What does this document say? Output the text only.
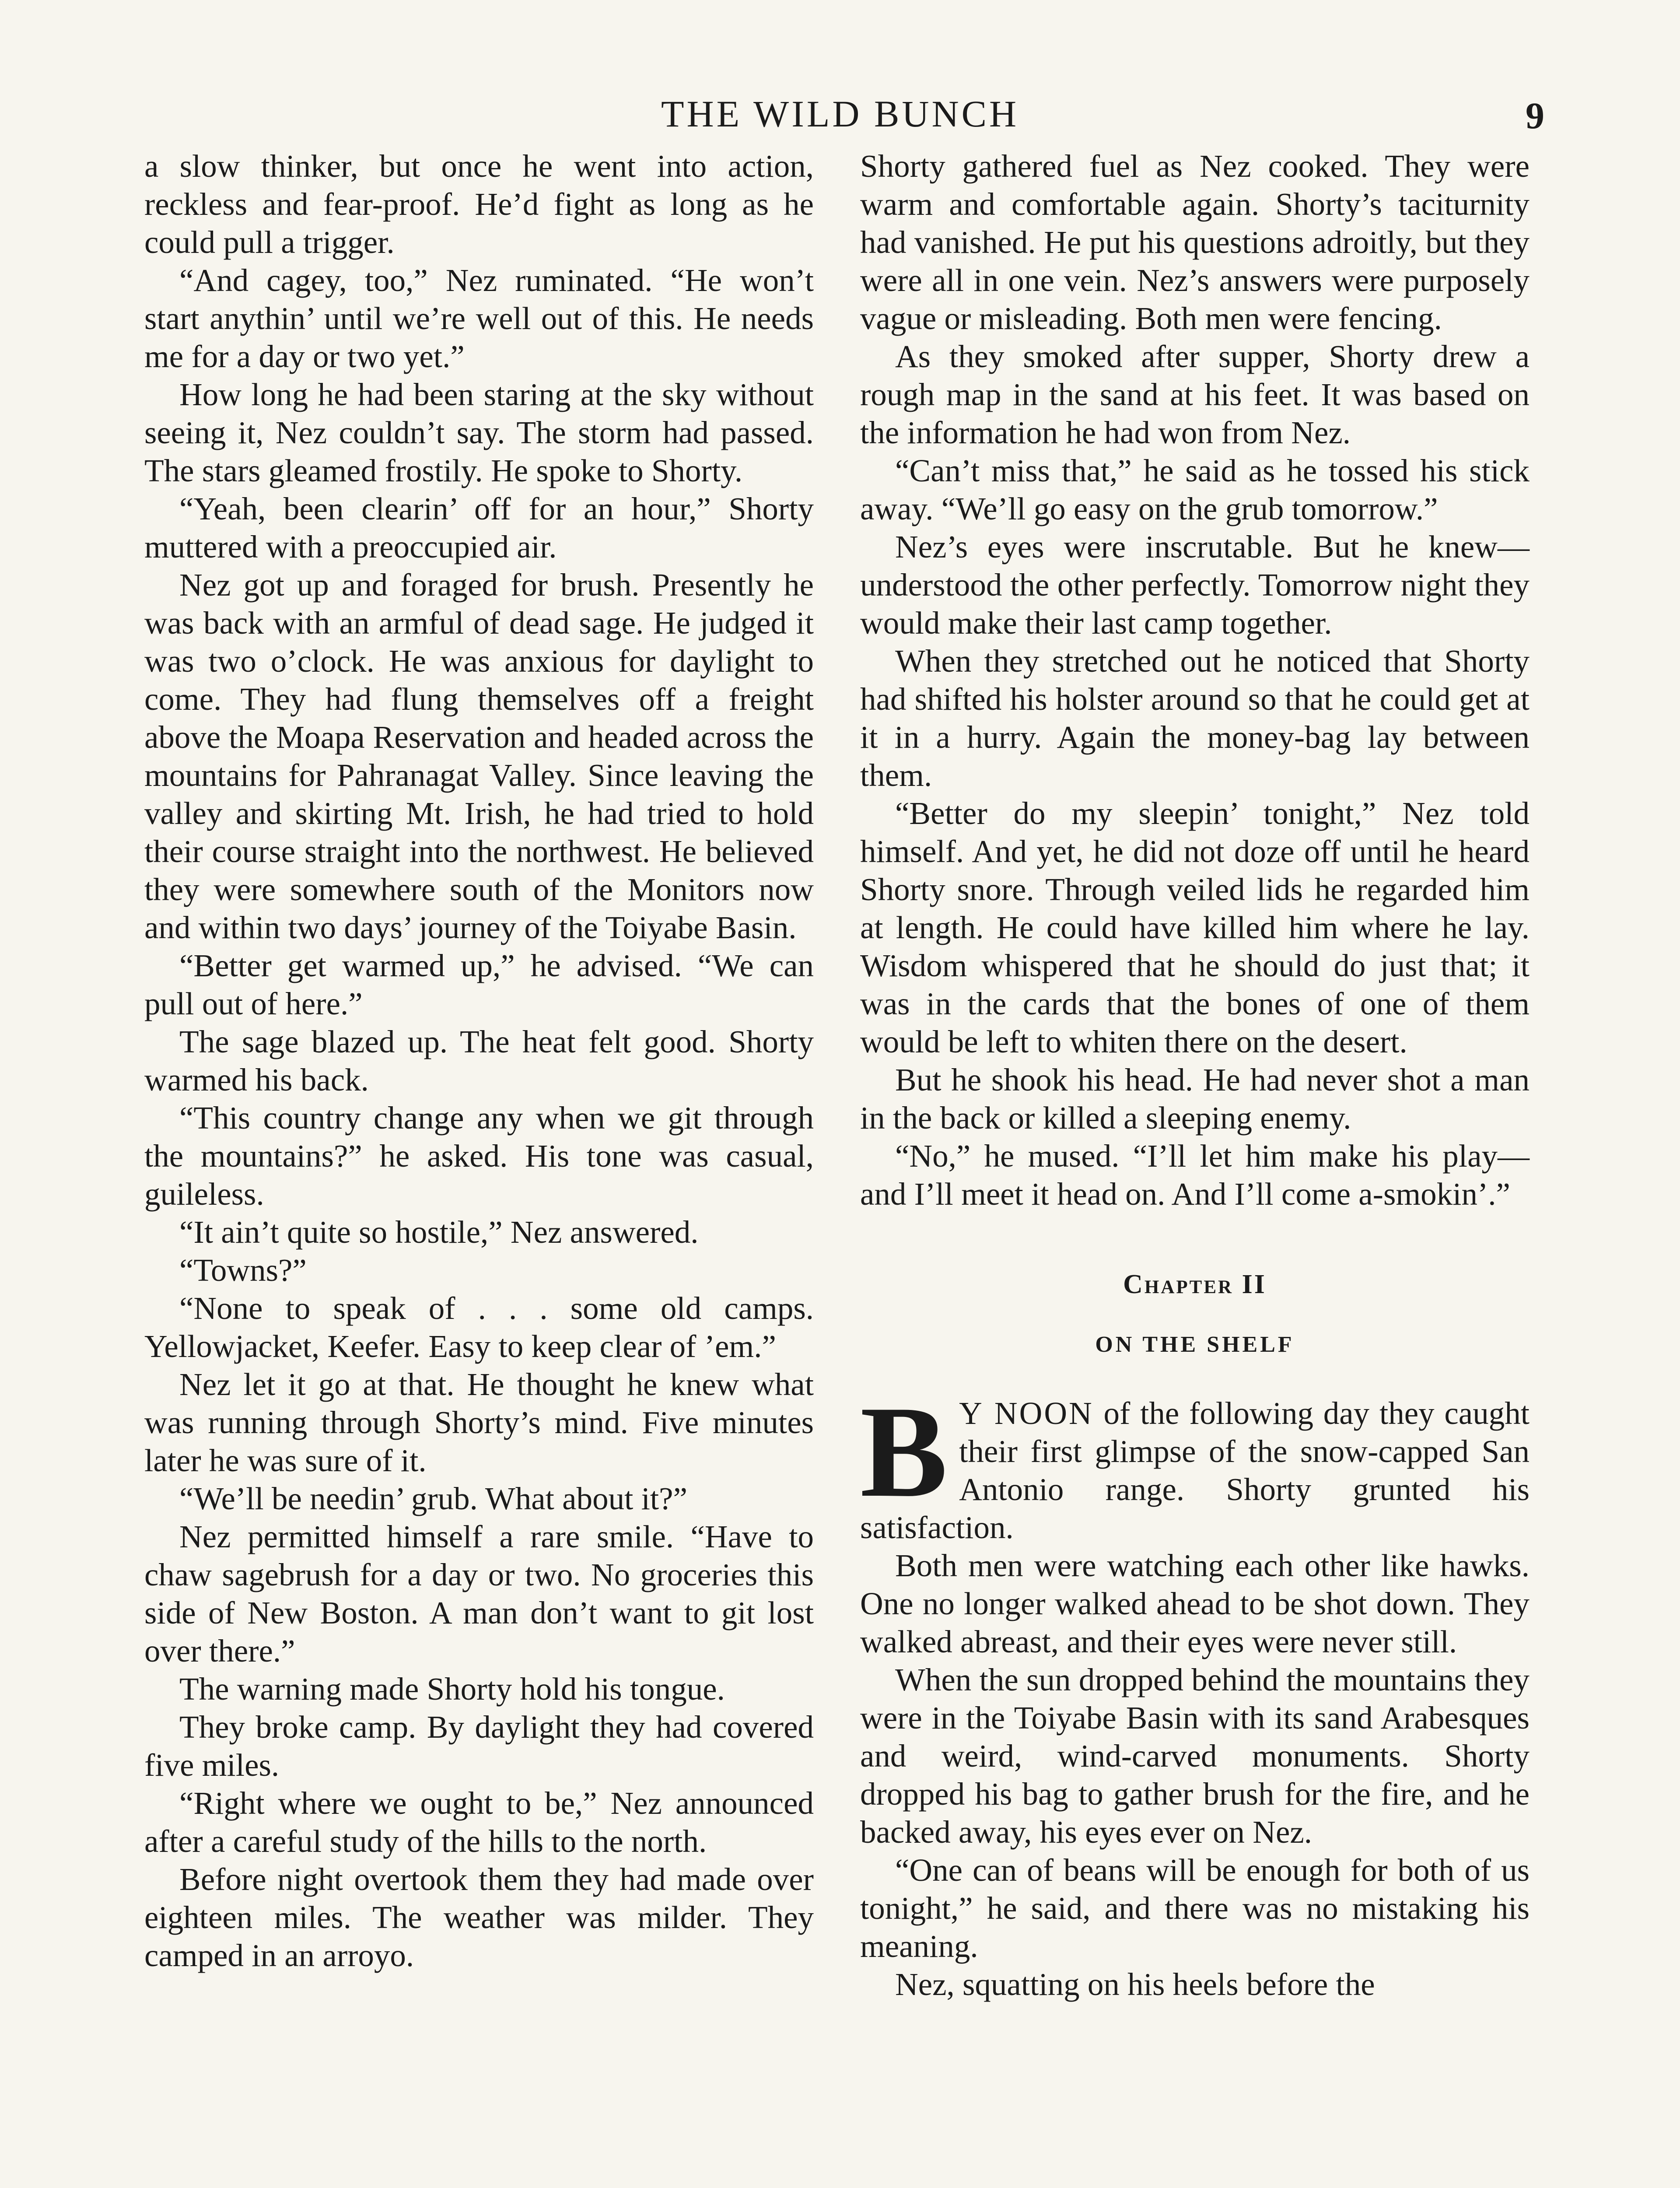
THE WILD BUNCH	9

a slow thinker, but once he went into action, reckless and fear-proof. He’d fight as long as he could pull a trigger.

“And cagey, too,” Nez ruminated. “He won’t start anythin’ until we’re well out of this. He needs me for a day or two yet.”

How long he had been staring at the sky without seeing it, Nez couldn’t say. The storm had passed. The stars gleamed frostily. He spoke to Shorty.

“Yeah, been clearin’ off for an hour,” Shorty muttered with a preoccupied air.

Nez got up and foraged for brush. Presently he was back with an armful of dead sage. He judged it was two o’clock. He was anxious for daylight to come. They had flung themselves off a freight above the Moapa Reservation and headed across the mountains for Pahranagat Valley. Since leaving the valley and skirting Mt. Irish, he had tried to hold their course straight into the northwest. He believed they were somewhere south of the Monitors now and within two days’ journey of the Toiyabe Basin.

“Better get warmed up,” he advised. “We can pull out of here.”

The sage blazed up. The heat felt good. Shorty warmed his back.

“This country change any when we git through the mountains?” he asked. His tone was casual, guileless.

“It ain’t quite so hostile,” Nez answered.

“Towns?”

“None to speak of . . . some old camps. Yellowjacket, Keefer. Easy to keep clear of ’em.”

Nez let it go at that. He thought he knew what was running through Shorty’s mind. Five minutes later he was sure of it.

“We’ll be needin’ grub. What about it?”

Nez permitted himself a rare smile. “Have to chaw sagebrush for a day or two. No groceries this side of New Boston. A man don’t want to git lost over there.”

The warning made Shorty hold his tongue.

They broke camp. By daylight they had covered five miles.

“Right where we ought to be,” Nez announced after a careful study of the hills to the north.

Before night overtook them they had made over eighteen miles. The weather was milder. They camped in an arroyo.

Shorty gathered fuel as Nez cooked. They were warm and comfortable again. Shorty’s taciturnity had vanished. He put his questions adroitly, but they were all in one vein. Nez’s answers were purposely vague or misleading. Both men were fencing.

As they smoked after supper, Shorty drew a rough map in the sand at his feet. It was based on the information he had won from Nez.

“Can’t miss that,” he said as he tossed his stick away. “We’ll go easy on the grub tomorrow.”

Nez’s eyes were inscrutable. But he knew—understood the other perfectly. Tomorrow night they would make their last camp together.

When they stretched out he noticed that Shorty had shifted his holster around so that he could get at it in a hurry. Again the money-bag lay between them.

“Better do my sleepin’ tonight,” Nez told himself. And yet, he did not doze off until he heard Shorty snore. Through veiled lids he regarded him at length. He could have killed him where he lay. Wisdom whispered that he should do just that; it was in the cards that the bones of one of them would be left to whiten there on the desert.

But he shook his head. He had never shot a man in the back or killed a sleeping enemy.

“No,” he mused. “I’ll let him make his play—and I’ll meet it head on. And I’ll come a-smokin’.”

Chapter II
ON THE SHELF

B Y NOON of the following day they caught their first glimpse of the snow-capped San Antonio range. Shorty grunted his satisfaction.

Both men were watching each other like hawks. One no longer walked ahead to be shot down. They walked abreast, and their eyes were never still.

When the sun dropped behind the mountains they were in the Toiyabe Basin with its sand Arabesques and weird, wind-carved monuments. Shorty dropped his bag to gather brush for the fire, and he backed away, his eyes ever on Nez.

“One can of beans will be enough for both of us tonight,” he said, and there was no mistaking his meaning.

Nez, squatting on his heels before the
